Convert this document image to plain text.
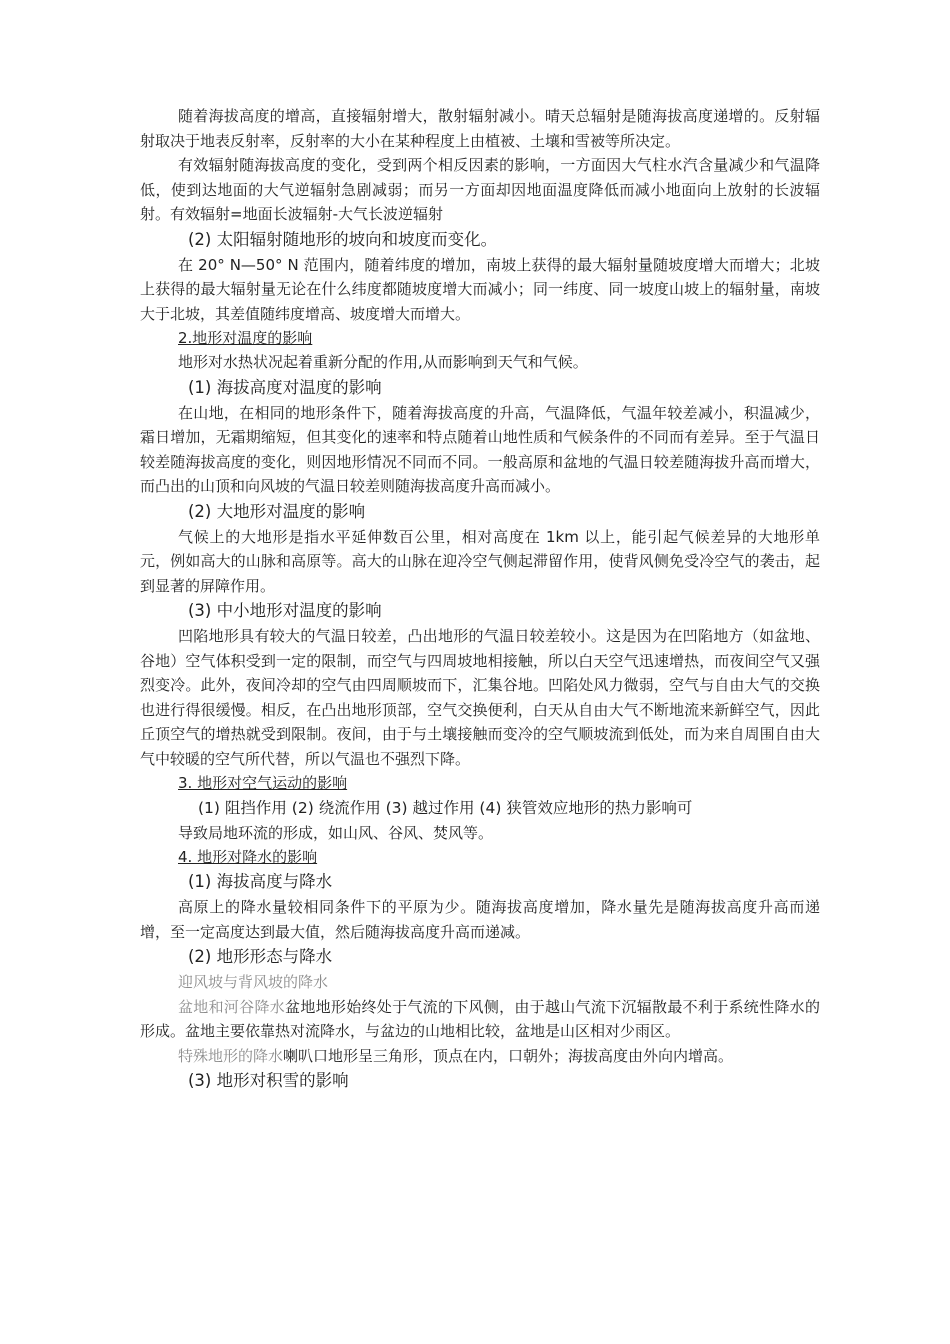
随着海拔高度的增高，直接辐射增大，散射辐射减小。晴天总辐射是随海拔高度递增的。反射辐射取决于地表反射率，反射率的大小在某种程度上由植被、土壤和雪被等所决定。

有效辐射随海拔高度的变化，受到两个相反因素的影响，一方面因大气柱水汽含量减少和气温降低，使到达地面的大气逆辐射急剧减弱；而另一方面却因地面温度降低而减小地面向上放射的长波辐射。有效辐射=地面长波辐射-大气长波逆辐射

(2) 太阳辐射随地形的坡向和坡度而变化。

在 20° N—50° N 范围内，随着纬度的增加，南坡上获得的最大辐射量随坡度增大而增大；北坡上获得的最大辐射量无论在什么纬度都随坡度增大而减小；同一纬度、同一坡度山坡上的辐射量，南坡大于北坡，其差值随纬度增高、坡度增大而增大。

2.地形对温度的影响

地形对水热状况起着重新分配的作用,从而影响到天气和气候。

(1) 海拔高度对温度的影响

在山地，在相同的地形条件下，随着海拔高度的升高，气温降低，气温年较差减小，积温减少，霜日增加，无霜期缩短，但其变化的速率和特点随着山地性质和气候条件的不同而有差异。至于气温日较差随海拔高度的变化，则因地形情况不同而不同。一般高原和盆地的气温日较差随海拔升高而增大，而凸出的山顶和向风坡的气温日较差则随海拔高度升高而减小。

(2) 大地形对温度的影响

气候上的大地形是指水平延伸数百公里，相对高度在 1km 以上，能引起气候差异的大地形单元，例如高大的山脉和高原等。高大的山脉在迎冷空气侧起滞留作用，使背风侧免受冷空气的袭击，起到显著的屏障作用。

(3) 中小地形对温度的影响

凹陷地形具有较大的气温日较差，凸出地形的气温日较差较小。这是因为在凹陷地方（如盆地、谷地）空气体积受到一定的限制，而空气与四周坡地相接触，所以白天空气迅速增热，而夜间空气又强烈变冷。此外，夜间冷却的空气由四周顺坡而下，汇集谷地。凹陷处风力微弱，空气与自由大气的交换也进行得很缓慢。相反，在凸出地形顶部，空气交换便利，白天从自由大气不断地流来新鲜空气，因此丘顶空气的增热就受到限制。夜间，由于与土壤接触而变冷的空气顺坡流到低处，而为来自周围自由大气中较暖的空气所代替，所以气温也不强烈下降。

3. 地形对空气运动的影响

(1) 阻挡作用 (2) 绕流作用 (3) 越过作用 (4) 狭管效应地形的热力影响可

导致局地环流的形成，如山风、谷风、焚风等。

4. 地形对降水的影响

(1) 海拔高度与降水

高原上的降水量较相同条件下的平原为少。随海拔高度增加，降水量先是随海拔高度升高而递增，至一定高度达到最大值，然后随海拔高度升高而递减。

(2) 地形形态与降水

迎风坡与背风坡的降水

盆地和河谷降水盆地地形始终处于气流的下风侧，由于越山气流下沉辐散最不利于系统性降水的形成。盆地主要依靠热对流降水，与盆边的山地相比较，盆地是山区相对少雨区。

特殊地形的降水喇叭口地形呈三角形，顶点在内，口朝外；海拔高度由外向内增高。

(3) 地形对积雪的影响
